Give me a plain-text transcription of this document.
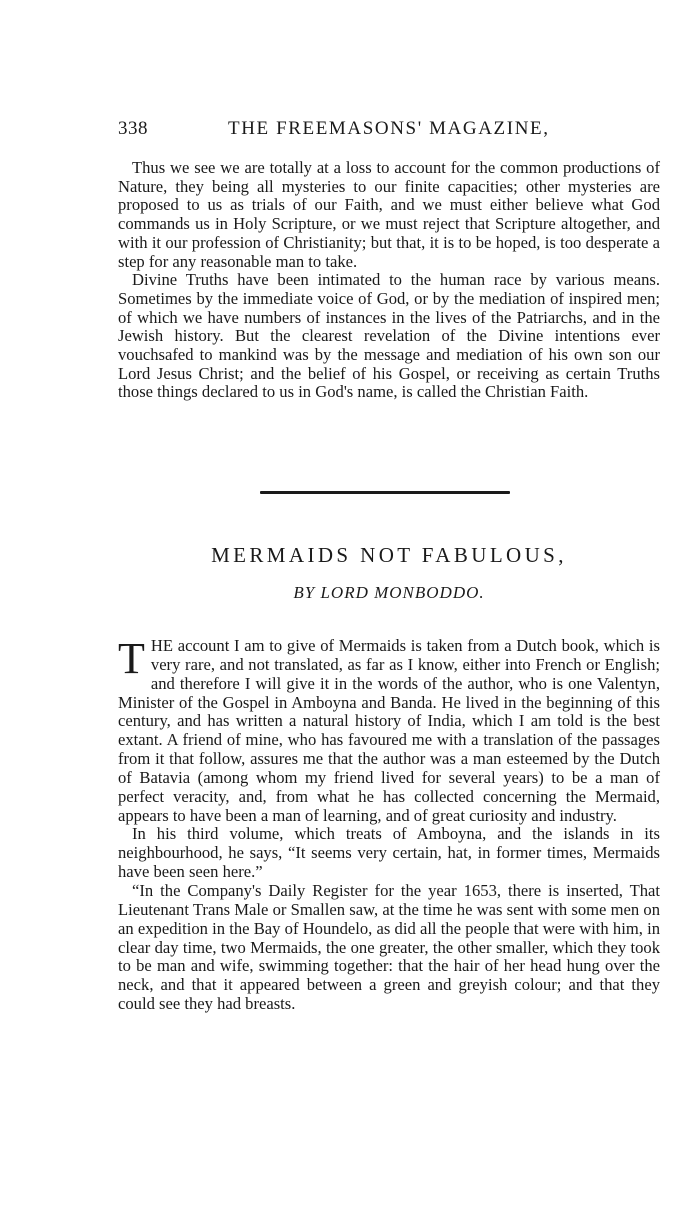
338	THE FREEMASONS' MAGAZINE,

Thus we see we are totally at a loss to account for the common productions of Nature, they being all mysteries to our finite capacities; other mysteries are proposed to us as trials of our Faith, and we must either believe what God commands us in Holy Scripture, or we must reject that Scripture altogether, and with it our profession of Christianity; but that, it is to be hoped, is too desperate a step for any reasonable man to take.

Divine Truths have been intimated to the human race by various means. Sometimes by the immediate voice of God, or by the mediation of inspired men; of which we have numbers of instances in the lives of the Patriarchs, and in the Jewish history. But the clearest revelation of the Divine intentions ever vouchsafed to mankind was by the message and mediation of his own son our Lord Jesus Christ; and the belief of his Gospel, or receiving as certain Truths those things declared to us in God's name, is called the Christian Faith.

MERMAIDS NOT FABULOUS,
BY LORD MONBODDO.

THE account I am to give of Mermaids is taken from a Dutch book, which is very rare, and not translated, as far as I know, either into French or English; and therefore I will give it in the words of the author, who is one Valentyn, Minister of the Gospel in Amboyna and Banda. He lived in the beginning of this century, and has written a natural history of India, which I am told is the best extant. A friend of mine, who has favoured me with a translation of the passages from it that follow, assures me that the author was a man esteemed by the Dutch of Batavia (among whom my friend lived for several years) to be a man of perfect veracity, and, from what he has collected concerning the Mermaid, appears to have been a man of learning, and of great curiosity and industry.

In his third volume, which treats of Amboyna, and the islands in its neighbourhood, he says, “It seems very certain, hat, in former times, Mermaids have been seen here.”

“In the Company's Daily Register for the year 1653, there is inserted, That Lieutenant Trans Male or Smallen saw, at the time he was sent with some men on an expedition in the Bay of Houndelo, as did all the people that were with him, in clear day time, two Mermaids, the one greater, the other smaller, which they took to be man and wife, swimming together: that the hair of her head hung over the neck, and that it appeared between a green and greyish colour; and that they could see they had breasts.
